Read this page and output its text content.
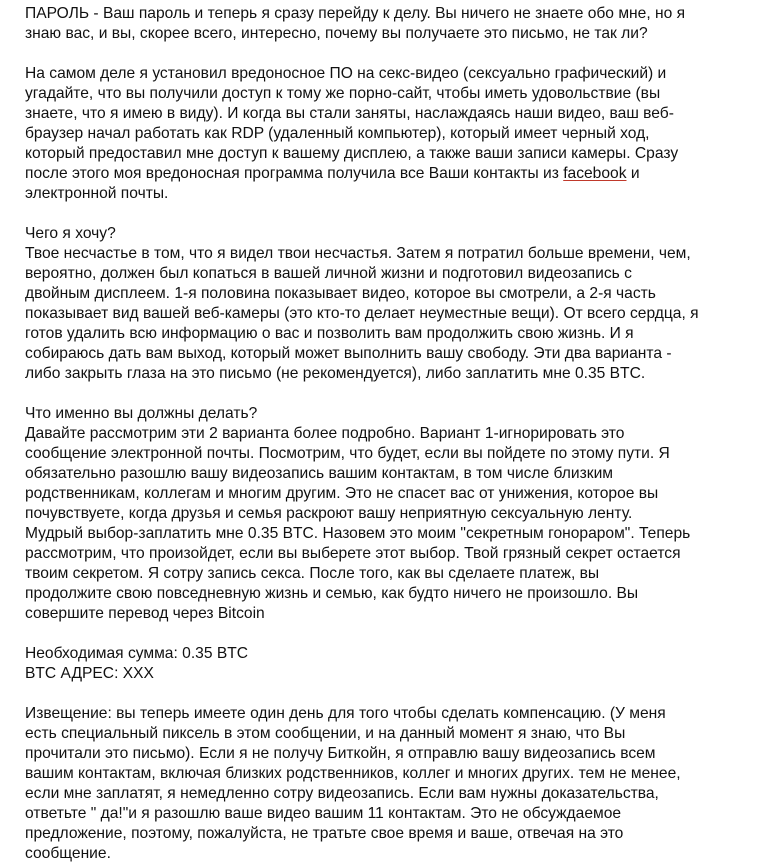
ПАРОЛЬ - Ваш пароль и теперь я сразу перейду к делу. Вы ничего не знаете обо мне, но я
знаю вас, и вы, скорее всего, интересно, почему вы получаете это письмо, не так ли?
На самом деле я установил вредоносное ПО на секс-видео (сексуально графический) и
угадайте, что вы получили доступ к тому же порно-сайт, чтобы иметь удовольствие (вы
знаете, что я имею в виду). И когда вы стали заняты, наслаждаясь наши видео, ваш веб-
браузер начал работать как RDP (удаленный компьютер), который имеет черный ход,
который предоставил мне доступ к вашему дисплею, а также ваши записи камеры. Сразу
после этого моя вредоносная программа получила все Ваши контакты из facebook и
электронной почты.
Чего я хочу?
Твое несчастье в том, что я видел твои несчастья. Затем я потратил больше времени, чем,
вероятно, должен был копаться в вашей личной жизни и подготовил видеозапись с
двойным дисплеем. 1-я половина показывает видео, которое вы смотрели, а 2-я часть
показывает вид вашей веб-камеры (это кто-то делает неуместные вещи). От всего сердца, я
готов удалить всю информацию о вас и позволить вам продолжить свою жизнь. И я
собираюсь дать вам выход, который может выполнить вашу свободу. Эти два варианта -
либо закрыть глаза на это письмо (не рекомендуется), либо заплатить мне 0.35 BTC.
Что именно вы должны делать?
Давайте рассмотрим эти 2 варианта более подробно. Вариант 1-игнорировать это
сообщение электронной почты. Посмотрим, что будет, если вы пойдете по этому пути. Я
обязательно разошлю вашу видеозапись вашим контактам, в том числе близким
родственникам, коллегам и многим другим. Это не спасет вас от унижения, которое вы
почувствуете, когда друзья и семья раскроют вашу неприятную сексуальную ленту.
Мудрый выбор-заплатить мне 0.35 BTC. Назовем это моим "секретным гонораром". Теперь
рассмотрим, что произойдет, если вы выберете этот выбор. Твой грязный секрет остается
твоим секретом. Я сотру запись секса. После того, как вы сделаете платеж, вы
продолжите свою повседневную жизнь и семью, как будто ничего не произошло. Вы
совершите перевод через Bitcoin
Необходимая сумма: 0.35 BTC
BTC АДРЕС: XXX
Извещение: вы теперь имеете один день для того чтобы сделать компенсацию. (У меня
есть специальный пиксель в этом сообщении, и на данный момент я знаю, что Вы
прочитали это письмо). Если я не получу Биткойн, я отправлю вашу видеозапись всем
вашим контактам, включая близких родственников, коллег и многих других. тем не менее,
если мне заплатят, я немедленно сотру видеозапись. Если вам нужны доказательства,
ответьте " да!"и я разошлю ваше видео вашим 11 контактам. Это не обсуждаемое
предложение, поэтому, пожалуйста, не тратьте свое время и ваше, отвечая на это
сообщение.
